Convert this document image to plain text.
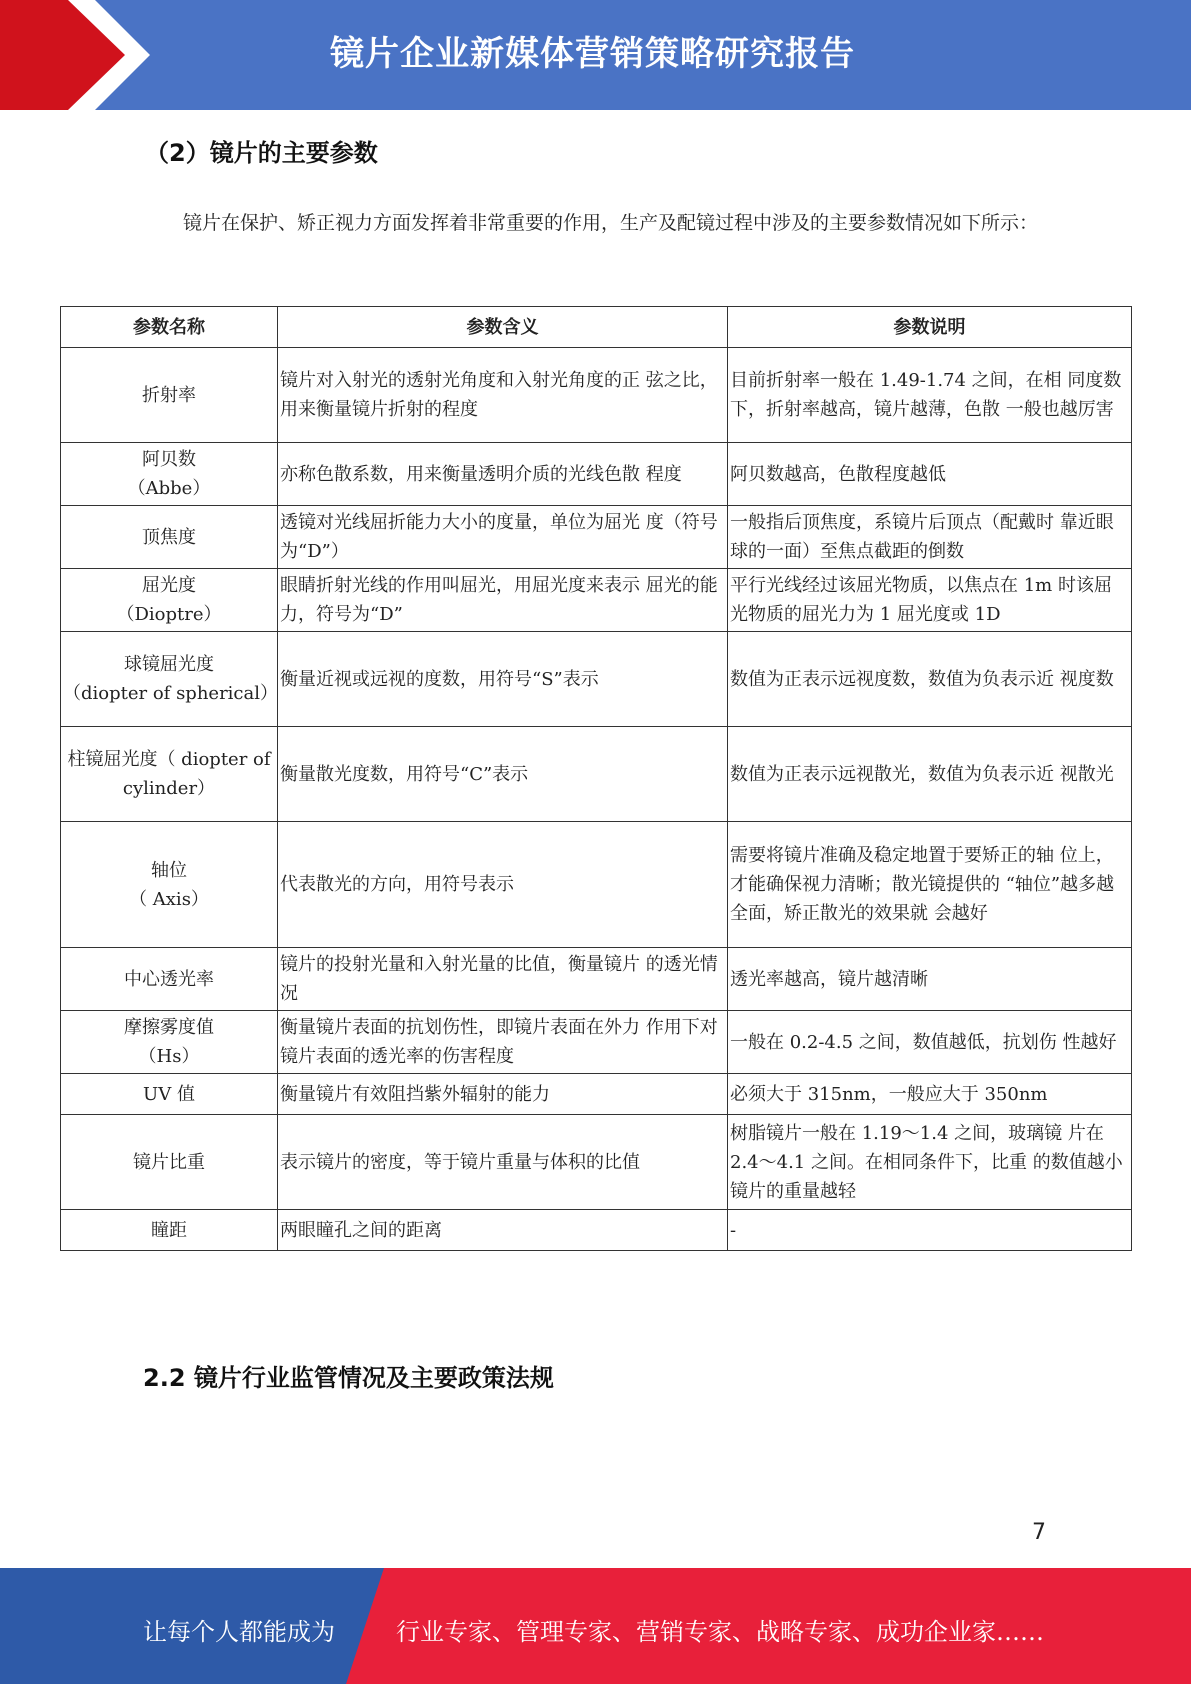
镜片企业新媒体营销策略研究报告
（2）镜片的主要参数
镜片在保护、矫正视力方面发挥着非常重要的作用，生产及配镜过程中涉及的主要参数情况如下所示：
参数名称	参数含义	参数说明

折射率	镜片对入射光的透射光角度和入射光角度的正 弦之比，用来衡量镜片折射的程度	目前折射率一般在 1.49-1.74 之间，在相 同度数下，折射率越高，镜片越薄，色散 一般也越厉害

阿贝数
（Abbe）	亦称色散系数，用来衡量透明介质的光线色散 程度	阿贝数越高，色散程度越低

顶焦度	透镜对光线屈折能力大小的度量，单位为屈光 度（符号为“D”）	一般指后顶焦度，系镜片后顶点（配戴时 靠近眼球的一面）至焦点截距的倒数

屈光度
（Dioptre）	眼睛折射光线的作用叫屈光，用屈光度来表示 屈光的能力，符号为“D”	平行光线经过该屈光物质，以焦点在 1m 时该屈光物质的屈光力为 1 屈光度或 1D

球镜屈光度
（diopter of spherical）	衡量近视或远视的度数，用符号“S”表示	数值为正表示远视度数，数值为负表示近 视度数

柱镜屈光度（ diopter of
cylinder）	衡量散光度数，用符号“C”表示	数值为正表示远视散光，数值为负表示近 视散光

轴位
（ Axis）	代表散光的方向，用符号表示	需要将镜片准确及稳定地置于要矫正的轴 位上，才能确保视力清晰；散光镜提供的 “轴位”越多越全面，矫正散光的效果就 会越好

中心透光率	镜片的投射光量和入射光量的比值，衡量镜片 的透光情况	透光率越高，镜片越清晰

摩擦雾度值
（Hs）	衡量镜片表面的抗划伤性，即镜片表面在外力 作用下对镜片表面的透光率的伤害程度	一般在 0.2-4.5 之间，数值越低，抗划伤 性越好

UV 值	衡量镜片有效阻挡紫外辐射的能力	必须大于 315nm，一般应大于 350nm

镜片比重	表示镜片的密度，等于镜片重量与体积的比值	树脂镜片一般在 1.19～1.4 之间，玻璃镜 片在 2.4～4.1 之间。在相同条件下，比重 的数值越小镜片的重量越轻

瞳距	两眼瞳孔之间的距离	-
2.2 镜片行业监管情况及主要政策法规
7
让每个人都能成为	行业专家、管理专家、营销专家、战略专家、成功企业家……
